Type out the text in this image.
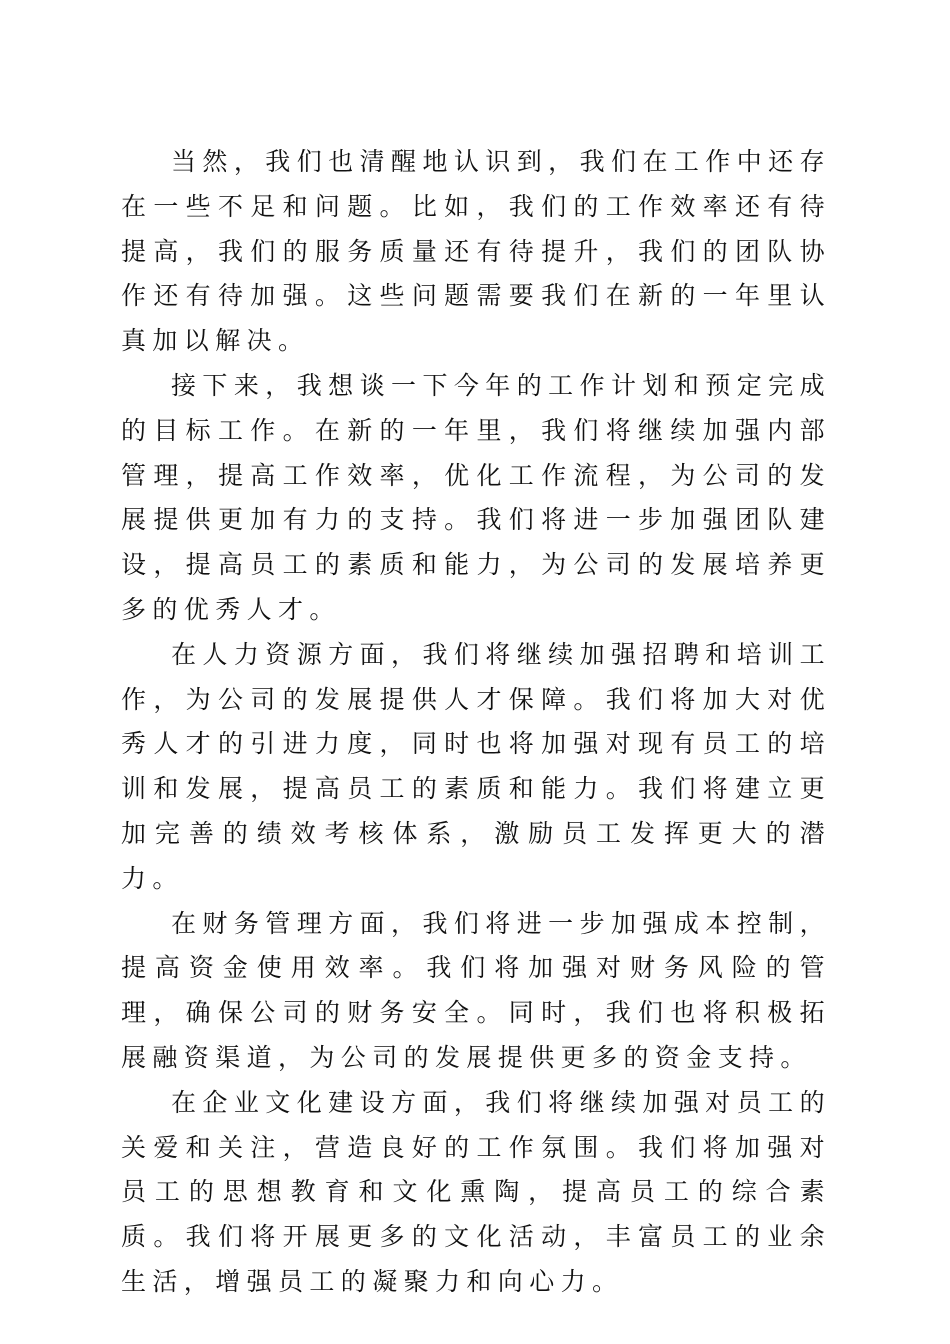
当然，我们也清醒地认识到，我们在工作中还存在一些不足和问题。比如，我们的工作效率还有待提高，我们的服务质量还有待提升，我们的团队协作还有待加强。这些问题需要我们在新的一年里认真加以解决。

接下来，我想谈一下今年的工作计划和预定完成的目标工作。在新的一年里，我们将继续加强内部管理，提高工作效率，优化工作流程，为公司的发展提供更加有力的支持。我们将进一步加强团队建设，提高员工的素质和能力，为公司的发展培养更多的优秀人才。

在人力资源方面，我们将继续加强招聘和培训工作，为公司的发展提供人才保障。我们将加大对优秀人才的引进力度，同时也将加强对现有员工的培训和发展，提高员工的素质和能力。我们将建立更加完善的绩效考核体系，激励员工发挥更大的潜力。

在财务管理方面，我们将进一步加强成本控制，提高资金使用效率。我们将加强对财务风险的管理，确保公司的财务安全。同时，我们也将积极拓展融资渠道，为公司的发展提供更多的资金支持。

在企业文化建设方面，我们将继续加强对员工的关爱和关注，营造良好的工作氛围。我们将加强对员工的思想教育和文化熏陶，提高员工的综合素质。我们将开展更多的文化活动，丰富员工的业余生活，增强员工的凝聚力和向心力。
